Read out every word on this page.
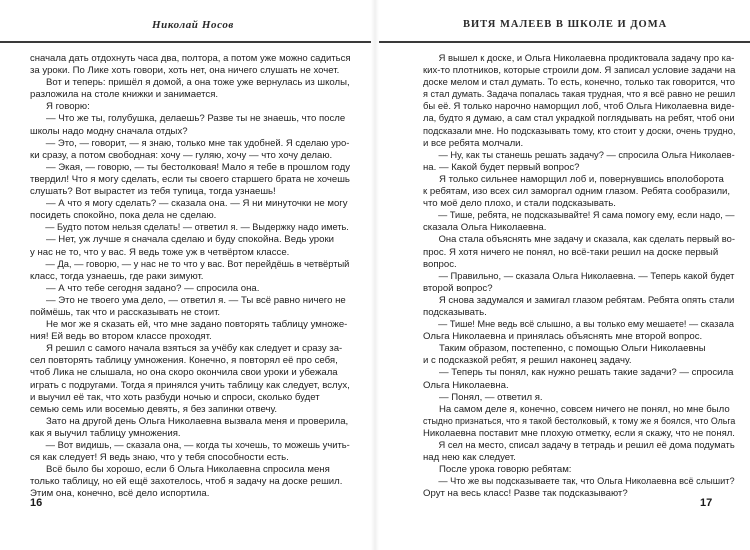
Николай Носов
сначала дать отдохнуть часа два, полтора, а потом уже можно садиться
за уроки. По Лике хоть говори, хоть нет, она ничего слушать не хочет.
Вот и теперь: пришёл я домой, а она тоже уже вернулась из школы,
разложила на столе книжки и занимается.
Я говорю:
— Что же ты, голубушка, делаешь? Разве ты не знаешь, что после
школы надо модну сначала отдых?
— Это, — говорит, — я знаю, только мне так удобней. Я сделаю уро-
ки сразу, а потом свободная: хочу — гуляю, хочу — что хочу делаю.
— Экая, — говорю, — ты бестолковая! Мало я тебе в прошлом году
твердил! Что я могу сделать, если ты своего старшего брата не хочешь
слушать? Вот вырастет из тебя тупица, тогда узнаешь!
— А что я могу сделать? — сказала она. — Я ни минуточки не могу
посидеть спокойно, пока дела не сделаю.
— Будто потом нельзя сделать! — ответил я. — Выдержку надо иметь.
— Нет, уж лучше я сначала сделаю и буду спокойна. Ведь уроки
у нас не то, что у вас. Я ведь тоже уж в четвёртом классе.
— Да, — говорю, — у нас не то что у вас. Вот перейдёшь в четвёртый
класс, тогда узнаешь, где раки зимуют.
— А что тебе сегодня задано? — спросила она.
— Это не твоего ума дело, — ответил я. — Ты всё равно ничего не
поймёшь, так что и рассказывать не стоит.
Не мог же я сказать ей, что мне задано повторять таблицу умноже-
ния! Ей ведь во втором классе проходят.
Я решил с самого начала взяться за учёбу как следует и сразу за-
сел повторять таблицу умножения. Конечно, я повторял её про себя,
чтоб Лика не слышала, но она скоро окончила свои уроки и убежала
играть с подругами. Тогда я принялся учить таблицу как следует, вслух,
и выучил её так, что хоть разбуди ночью и спроси, сколько будет
семью семь или восемью девять, я без запинки отвечу.
Зато на другой день Ольга Николаевна вызвала меня и проверила,
как я выучил таблицу умножения.
— Вот видишь, — сказала она, — когда ты хочешь, то можешь учить-
ся как следует! Я ведь знаю, что у тебя способности есть.
Всё было бы хорошо, если б Ольга Николаевна спросила меня
только таблицу, но ей ещё захотелось, чтоб я задачу на доске решил.
Этим она, конечно, всё дело испортила.
16
ВИТЯ МАЛЕЕВ В ШКОЛЕ И ДОМА
Я вышел к доске, и Ольга Николаевна продиктовала задачу про ка-
ких-то плотников, которые строили дом. Я записал условие задачи на
доске мелом и стал думать. То есть, конечно, только так говорится, что
я стал думать. Задача попалась такая трудная, что я всё равно не решил
бы её. Я только нарочно наморщил лоб, чтоб Ольга Николаевна виде-
ла, будто я думаю, а сам стал украдкой поглядывать на ребят, чтоб они
подсказали мне. Но подсказывать тому, кто стоит у доски, очень трудно,
и все ребята молчали.
— Ну, как ты станешь решать задачу? — спросила Ольга Николаев-
на. — Какой будет первый вопрос?
Я только сильнее наморщил лоб и, повернувшись вполоборота
к ребятам, изо всех сил заморгал одним глазом. Ребята сообразили,
что моё дело плохо, и стали подсказывать.
— Тише, ребята, не подсказывайте! Я сама помогу ему, если надо, —
сказала Ольга Николаевна.
Она стала объяснять мне задачу и сказала, как сделать первый во-
прос. Я хотя ничего не понял, но всё-таки решил на доске первый
вопрос.
— Правильно, — сказала Ольга Николаевна. — Теперь какой будет
второй вопрос?
Я снова задумался и замигал глазом ребятам. Ребята опять стали
подсказывать.
— Тише! Мне ведь всё слышно, а вы только ему мешаете! — сказала
Ольга Николаевна и принялась объяснять мне второй вопрос.
Таким образом, постепенно, с помощью Ольги Николаевны
и с подсказкой ребят, я решил наконец задачу.
— Теперь ты понял, как нужно решать такие задачи? — спросила
Ольга Николаевна.
— Понял, — ответил я.
На самом деле я, конечно, совсем ничего не понял, но мне было
стыдно признаться, что я такой бестолковый, к тому же я боялся, что Ольга
Николаевна поставит мне плохую отметку, если я скажу, что не понял.
Я сел на место, списал задачу в тетрадь и решил её дома подумать
над нею как следует.
После урока говорю ребятам:
— Что же вы подсказываете так, что Ольга Николаевна всё слышит?
Орут на весь класс! Разве так подсказывают?
17
